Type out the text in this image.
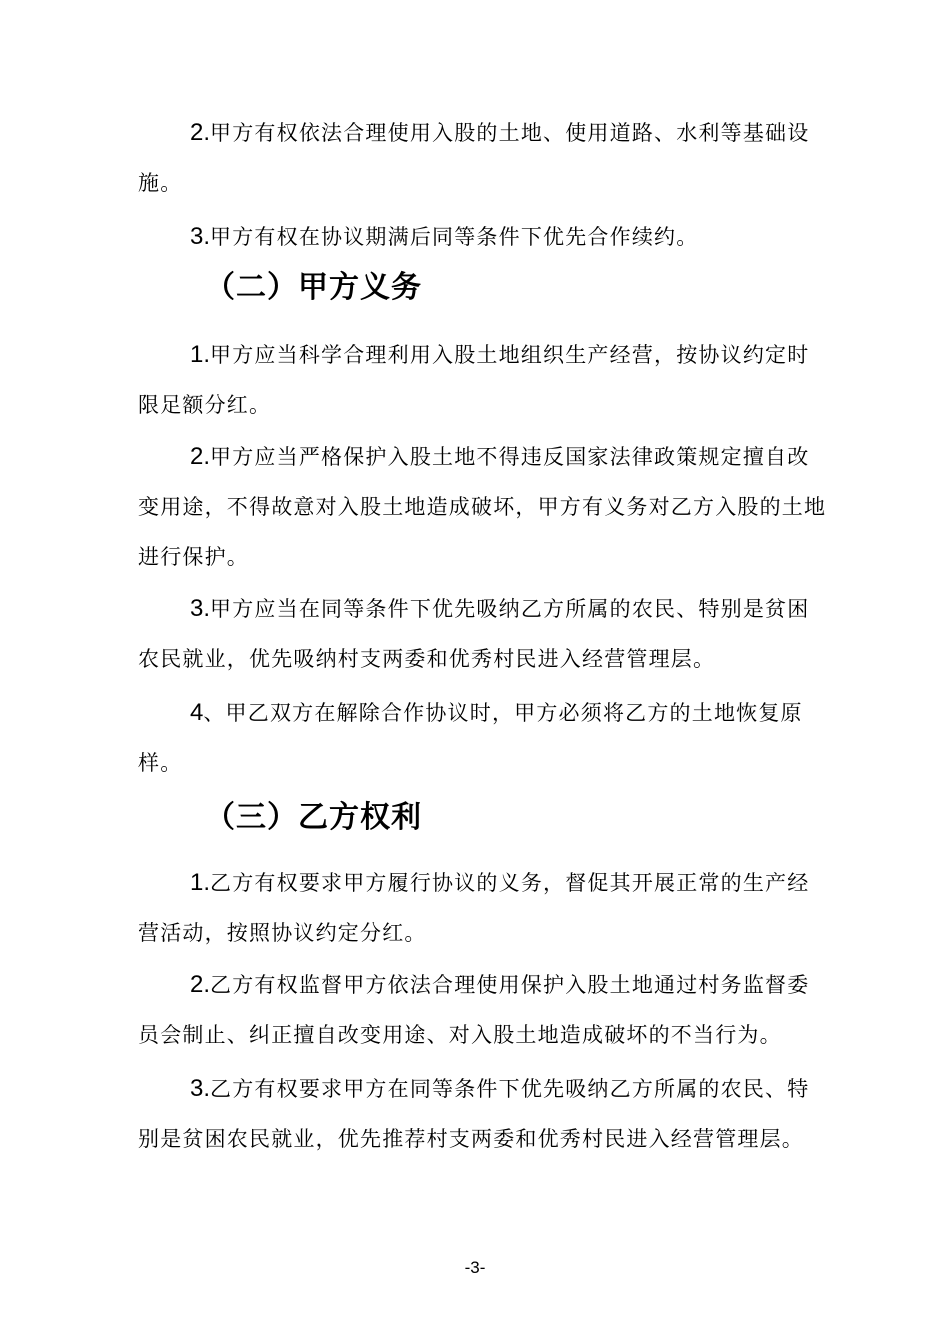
2.甲方有权依法合理使用入股的土地、使用道路、水利等基础设施。

3.甲方有权在协议期满后同等条件下优先合作续约。

（二）甲方义务

1.甲方应当科学合理利用入股土地组织生产经营，按协议约定时限足额分红。

2.甲方应当严格保护入股土地不得违反国家法律政策规定擅自改变用途，不得故意对入股土地造成破坏，甲方有义务对乙方入股的土地进行保护。

3.甲方应当在同等条件下优先吸纳乙方所属的农民、特别是贫困农民就业，优先吸纳村支两委和优秀村民进入经营管理层。

4、甲乙双方在解除合作协议时，甲方必须将乙方的土地恢复原样。

（三）乙方权利

1.乙方有权要求甲方履行协议的义务，督促其开展正常的生产经营活动，按照协议约定分红。

2.乙方有权监督甲方依法合理使用保护入股土地通过村务监督委员会制止、纠正擅自改变用途、对入股土地造成破坏的不当行为。

3.乙方有权要求甲方在同等条件下优先吸纳乙方所属的农民、特别是贫困农民就业，优先推荐村支两委和优秀村民进入经营管理层。

-3-
